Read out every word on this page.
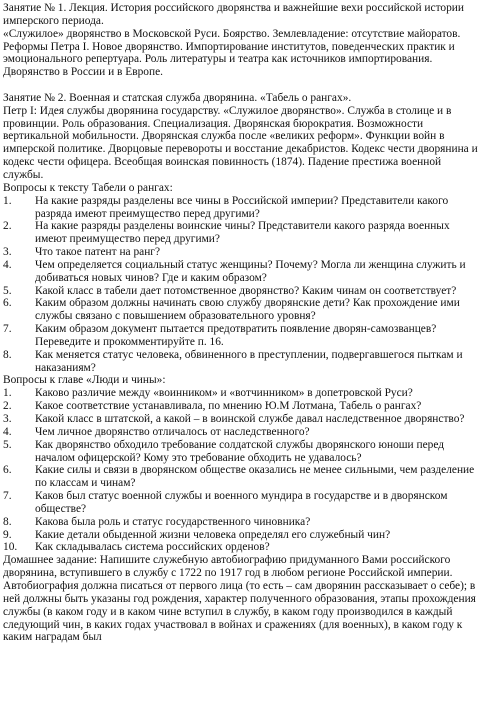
Занятие № 1. Лекция. История российского дворянства и важнейшие вехи российской истории имперского периода.

«Служилое» дворянство в Московской Руси. Боярство. Землевладение: отсутствие майоратов. Реформы Петра I. Новое дворянство. Импортирование институтов, поведенческих практик и эмоционального репертуара. Роль литературы и театра как источников импортирования. Дворянство в России и в Европе.

Занятие № 2. Военная и статская служба дворянина. «Табель о рангах».

Петр I: Идея службы дворянина государству. «Служилое дворянство». Служба в столице и в провинции. Роль образования. Специализация. Дворянская бюрократия. Возможности вертикальной мобильности. Дворянская служба после «великих реформ». Функции войн в имперской политике. Дворцовые перевороты и восстание декабристов. Кодекс чести дворянина и кодекс чести офицера. Всеобщая воинская повинность (1874). Падение престижа военной службы.

Вопросы к тексту Табели о рангах:

1. На какие разряды разделены все чины в Российской империи? Представители какого разряда имеют преимущество перед другими?
2. На какие разряды разделены воинские чины? Представители какого разряда военных имеют преимущество перед другими?
3. Что такое патент на ранг?
4. Чем определяется социальный статус женщины? Почему? Могла ли женщина служить и добиваться новых чинов? Где и каким образом?
5. Какой класс в табели дает потомственное дворянство? Каким чинам он соответствует?
6. Каким образом должны начинать свою службу дворянские дети? Как прохождение ими службы связано с повышением образовательного уровня?
7. Каким образом документ пытается предотвратить появление дворян-самозванцев? Переведите и прокомментируйте п. 16.
8. Как меняется статус человека, обвиненного в преступлении, подвергавшегося пыткам и наказаниям?

Вопросы к главе «Люди и чины»:

1. Каково различие между «воинником» и «вотчинником» в допетровской Руси?
2. Какое соответствие устанавливала, по мнению Ю.М Лотмана, Табель о рангах?
3. Какой класс в штатской, а какой – в воинской службе давал наследственное дворянство?
4. Чем личное дворянство отличалось от наследственного?
5. Как дворянство обходило требование солдатской службы дворянского юноши перед началом офицерской? Кому это требование обходить не удавалось?
6. Какие силы и связи в дворянском обществе оказались не менее сильными, чем разделение по классам и чинам?
7. Каков был статус военной службы и военного мундира в государстве и в дворянском обществе?
8. Какова была роль и статус государственного чиновника?
9. Какие детали обыденной жизни человека определял его служебный чин?
10. Как складывалась система российских орденов?

Домашнее задание: Напишите служебную автобиографию придуманного Вами российского дворянина, вступившего в службу с 1722 по 1917 год в любом регионе Российской империи. Автобиография должна писаться от первого лица (то есть – сам дворянин рассказывает о себе); в ней должны быть указаны год рождения, характер полученного образования, этапы прохождения службы (в каком году и в каком чине вступил в службу, в каком году производился в каждый следующий чин, в каких годах участвовал в войнах и сражениях (для военных), в каком году к каким наградам был
